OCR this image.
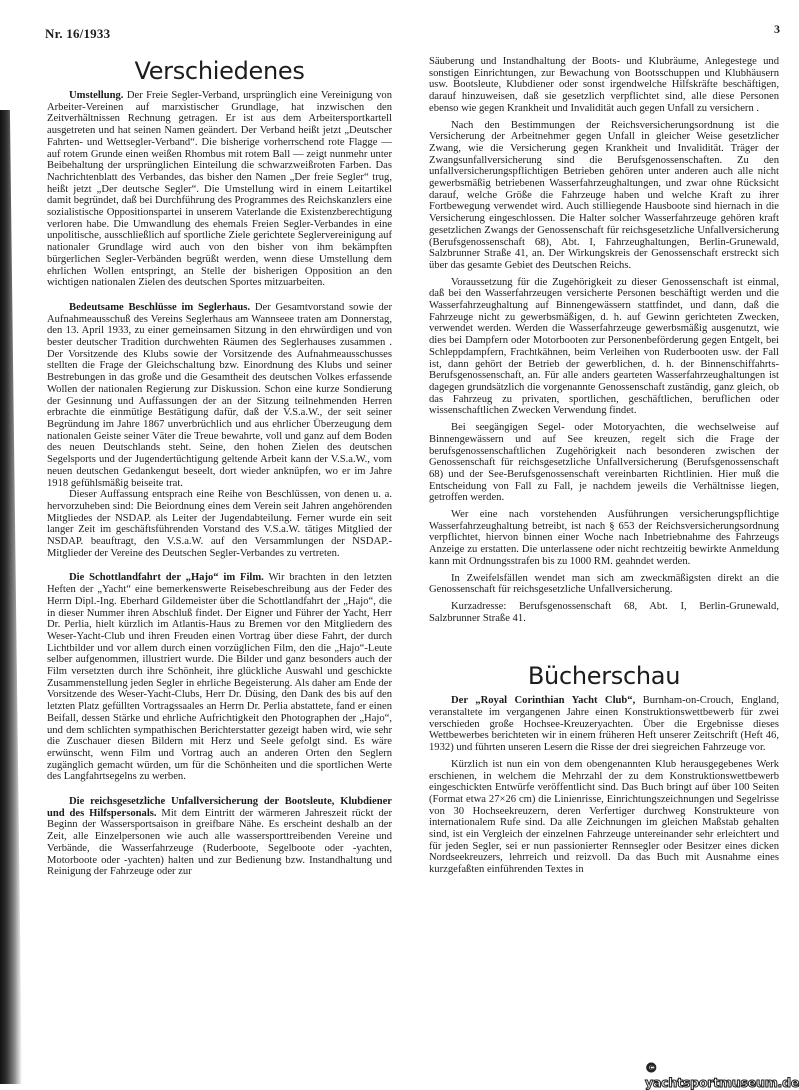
Nr. 16/1933	3
Verschiedenes

Umstellung. Der Freie Segler-Verband, ursprünglich eine Vereinigung von Arbeiter-Vereinen auf marxistischer Grundlage, hat inzwischen den Zeitverhältnissen Rechnung getragen. Er ist aus dem Arbeitersportkartell ausgetreten und hat seinen Namen geändert. Der Verband heißt jetzt „Deutscher Fahrten- und Wettsegler-Verband“. Die bisherige vorherrschend rote Flagge — auf rotem Grunde einen weißen Rhombus mit rotem Ball — zeigt nunmehr unter Beibehaltung der ursprünglichen Einteilung die schwarzweißroten Farben. Das Nachrichtenblatt des Verbandes, das bisher den Namen „Der freie Segler“ trug, heißt jetzt „Der deutsche Segler“. Die Umstellung wird in einem Leitartikel damit begründet, daß bei Durchführung des Programmes des Reichskanzlers eine sozialistische Oppositionspartei in unserem Vaterlande die Existenzberechtigung verloren habe. Die Umwandlung des ehemals Freien Segler-Verbandes in eine unpolitische, ausschließlich auf sportliche Ziele gerichtete Seglervereinigung auf nationaler Grundlage wird auch von den bisher von ihm bekämpften bürgerlichen Segler-Verbänden begrüßt werden, wenn diese Umstellung dem ehrlichen Wollen entspringt, an Stelle der bisherigen Opposition an den wichtigen nationalen Zielen des deutschen Sportes mitzuarbeiten.

Bedeutsame Beschlüsse im Seglerhaus. Der Gesamtvorstand sowie der Aufnahmeausschuß des Vereins Seglerhaus am Wannseee traten am Donnerstag, den 13. April 1933, zu einer gemeinsamen Sitzung in den ehrwürdigen und von bester deutscher Tradition durchwehten Räumen des Seglerhauses zusammen . Der Vorsitzende des Klubs sowie der Vorsitzende des Aufnahmeausschusses stellten die Frage der Gleichschaltung bzw. Einordnung des Klubs und seiner Bestrebungen in das große und die Gesamtheit des deutschen Volkes erfassende Wollen der nationalen Regierung zur Diskussion. Schon eine kurze Sondierung der Gesinnung und Auffassungen der an der Sitzung teilnehmenden Herren erbrachte die einmütige Bestätigung dafür, daß der V.S.a.W., der seit seiner Begründung im Jahre 1867 unverbrüchlich und aus ehrlicher Überzeugung dem nationalen Geiste seiner Väter die Treue bewahrte, voll und ganz auf dem Boden des neuen Deutschlands steht. Seine, den hohen Zielen des deutschen Segelsports und der Jugendertüchtigung geltende Arbeit kann der V.S.a.W., vom neuen deutschen Gedankengut beseelt, dort wieder anknüpfen, wo er im Jahre 1918 gefühlsmäßig beiseite trat.

Dieser Auffassung entsprach eine Reihe von Beschlüssen, von denen u. a. hervorzuheben sind: Die Beiordnung eines dem Verein seit Jahren angehörenden Mitgliedes der NSDAP. als Leiter der Jugendabteilung. Ferner wurde ein seit langer Zeit im geschäftsführenden Vorstand des V.S.a.W. tätiges Mitglied der NSDAP. beauftragt, den V.S.a.W. auf den Versammlungen der NSDAP.-Mitglieder der Vereine des Deutschen Segler-Verbandes zu vertreten.

Die Schottlandfahrt der „Hajo“ im Film. Wir brachten in den letzten Heften der „Yacht“ eine bemerkenswerte Reisebeschreibung aus der Feder des Herrn Dipl.-Ing. Eberhard Gildemeister über die Schottlandfahrt der „Hajo“, die in dieser Nummer ihren Abschluß findet. Der Eigner und Führer der Yacht, Herr Dr. Perlia, hielt kürzlich im Atlantis-Haus zu Bremen vor den Mitgliedern des Weser-Yacht-Club und ihren Freuden einen Vortrag über diese Fahrt, der durch Lichtbilder und vor allem durch einen vorzüglichen Film, den die „Hajo“-Leute selber aufgenommen, illustriert wurde. Die Bilder und ganz besonders auch der Film versetzten durch ihre Schönheit, ihre glückliche Auswahl und geschickte Zusammenstellung jeden Segler in ehrliche Begeisterung. Als daher am Ende der Vorsitzende des Weser-Yacht-Clubs, Herr Dr. Düsing, den Dank des bis auf den letzten Platz gefüllten Vortragssaales an Herrn Dr. Perlia abstattete, fand er einen Beifall, dessen Stärke und ehrliche Aufrichtigkeit den Photographen der „Hajo“, und dem schlichten sympathischen Berichterstatter gezeigt haben wird, wie sehr die Zuschauer diesen Bildern mit Herz und Seele gefolgt sind. Es wäre erwünscht, wenn Film und Vortrag auch an anderen Orten den Seglern zugänglich gemacht würden, um für die Schönheiten und die sportlichen Werte des Langfahrtsegelns zu werben.

Die reichsgesetzliche Unfallversicherung der Bootsleute, Klubdiener und des Hilfspersonals. Mit dem Eintritt der wärmeren Jahreszeit rückt der Beginn der Wassersportsaison in greifbare Nähe. Es erscheint deshalb an der Zeit, alle Einzelpersonen wie auch alle wassersporttreibenden Vereine und Verbände, die Wasserfahrzeuge (Ruderboote, Segelboote oder -yachten, Motorboote oder -yachten) halten und zur Bedienung bzw. Instandhaltung und Reinigung der Fahrzeuge oder zur

Säuberung und Instandhaltung der Boots- und Klubräume, Anlegestege und sonstigen Einrichtungen, zur Bewachung von Bootsschuppen und Klubhäusern usw. Bootsleute, Klubdiener oder sonst irgendwelche Hilfskräfte beschäftigen, darauf hinzuweisen, daß sie gesetzlich verpflichtet sind, alle diese Personen ebenso wie gegen Krankheit und Invalidität auch gegen Unfall zu versichern .

Nach den Bestimmungen der Reichsversicherungsordnung ist die Versicherung der Arbeitnehmer gegen Unfall in gleicher Weise gesetzlicher Zwang, wie die Versicherung gegen Krankheit und Invalidität. Träger der Zwangsunfallversicherung sind die Berufsgenossenschaften. Zu den unfallversicherungspflichtigen Betrieben gehören unter anderen auch alle nicht gewerbsmäßig betriebenen Wasserfahrzeughaltungen, und zwar ohne Rücksicht darauf, welche Größe die Fahrzeuge haben und welche Kraft zu ihrer Fortbewegung verwendet wird. Auch stilliegende Hausboote sind hiernach in die Versicherung eingeschlossen. Die Halter solcher Wasserfahrzeuge gehören kraft gesetzlichen Zwangs der Genossenschaft für reichsgesetzliche Unfallversicherung (Berufsgenossenschaft 68), Abt. I, Fahrzeughaltungen, Berlin-Grunewald, Salzbrunner Straße 41, an. Der Wirkungskreis der Genossenschaft erstreckt sich über das gesamte Gebiet des Deutschen Reichs.

Voraussetzung für die Zugehörigkeit zu dieser Genossenschaft ist einmal, daß bei den Wasserfahrzeugen versicherte Personen beschäftigt werden und die Wasserfahrzeughaltung auf Binnengewässern stattfindet, und dann, daß die Fahrzeuge nicht zu gewerbsmäßigen, d. h. auf Gewinn gerichteten Zwecken, verwendet werden. Werden die Wasserfahrzeuge gewerbsmäßig ausgenutzt, wie dies bei Dampfern oder Motorbooten zur Personenbeförderung gegen Entgelt, bei Schleppdampfern, Frachtkähnen, beim Verleihen von Ruderbooten usw. der Fall ist, dann gehört der Betrieb der gewerblichen, d. h. der Binnenschiffahrts-Berufsgenossenschaft, an. Für alle anders gearteten Wasserfahrzeughaltungen ist dagegen grundsätzlich die vorgenannte Genossenschaft zuständig, ganz gleich, ob das Fahrzeug zu privaten, sportlichen, geschäftlichen, beruflichen oder wissenschaftlichen Zwecken Verwendung findet.

Bei seegängigen Segel- oder Motoryachten, die wechselweise auf Binnengewässern und auf See kreuzen, regelt sich die Frage der berufsgenossenschaftlichen Zugehörigkeit nach besonderen zwischen der Genossenschaft für reichsgesetzliche Unfallversicherung (Berufsgenossenschaft 68) und der See-Berufsgenossenschaft vereinbarten Richtlinien. Hier muß die Entscheidung von Fall zu Fall, je nachdem jeweils die Verhältnisse liegen, getroffen werden.

Wer eine nach vorstehenden Ausführungen versicherungspflichtige Wasserfahrzeughaltung betreibt, ist nach § 653 der Reichsversicherungsordnung verpflichtet, hiervon binnen einer Woche nach Inbetriebnahme des Fahrzeugs Anzeige zu erstatten. Die unterlassene oder nicht rechtzeitig bewirkte Anmeldung kann mit Ordnungsstrafen bis zu 1000 RM. geahndet werden.

In Zweifelsfällen wendet man sich am zweckmäßigsten direkt an die Genossenschaft für reichsgesetzliche Unfallversicherung.

Kurzadresse: Berufsgenossenschaft 68, Abt. I, Berlin-Grunewald, Salzbrunner Straße 41.

Bücherschau

Der „Royal Corinthian Yacht Club“, Burnham-on-Crouch, England, veranstaltete im vergangenen Jahre einen Konstruktionswettbewerb für zwei verschieden große Hochsee-Kreuzeryachten. Über die Ergebnisse dieses Wettbewerbes berichteten wir in einem früheren Heft unserer Zeitschrift (Heft 46, 1932) und führten unseren Lesern die Risse der drei siegreichen Fahrzeuge vor.

Kürzlich ist nun ein von dem obengenannten Klub herausgegebenes Werk erschienen, in welchem die Mehrzahl der zu dem Konstruktionswettbewerb eingeschickten Entwürfe veröffentlicht sind. Das Buch bringt auf über 100 Seiten (Format etwa 27×26 cm) die Linienrisse, Einrichtungszeichnungen und Segelrisse von 30 Hochseekreuzern, deren Verfertiger durchweg Konstrukteure von internationalem Rufe sind. Da alle Zeichnungen im gleichen Maßstab gehalten sind, ist ein Vergleich der einzelnen Fahrzeuge untereinander sehr erleichtert und für jeden Segler, sei er nun passionierter Rennsegler oder Besitzer eines dicken Nordseekreuzers, lehrreich und reizvoll. Da das Buch mit Ausnahme eines kurzgefaßten einführenden Textes in

© yachtsportmuseum.de
